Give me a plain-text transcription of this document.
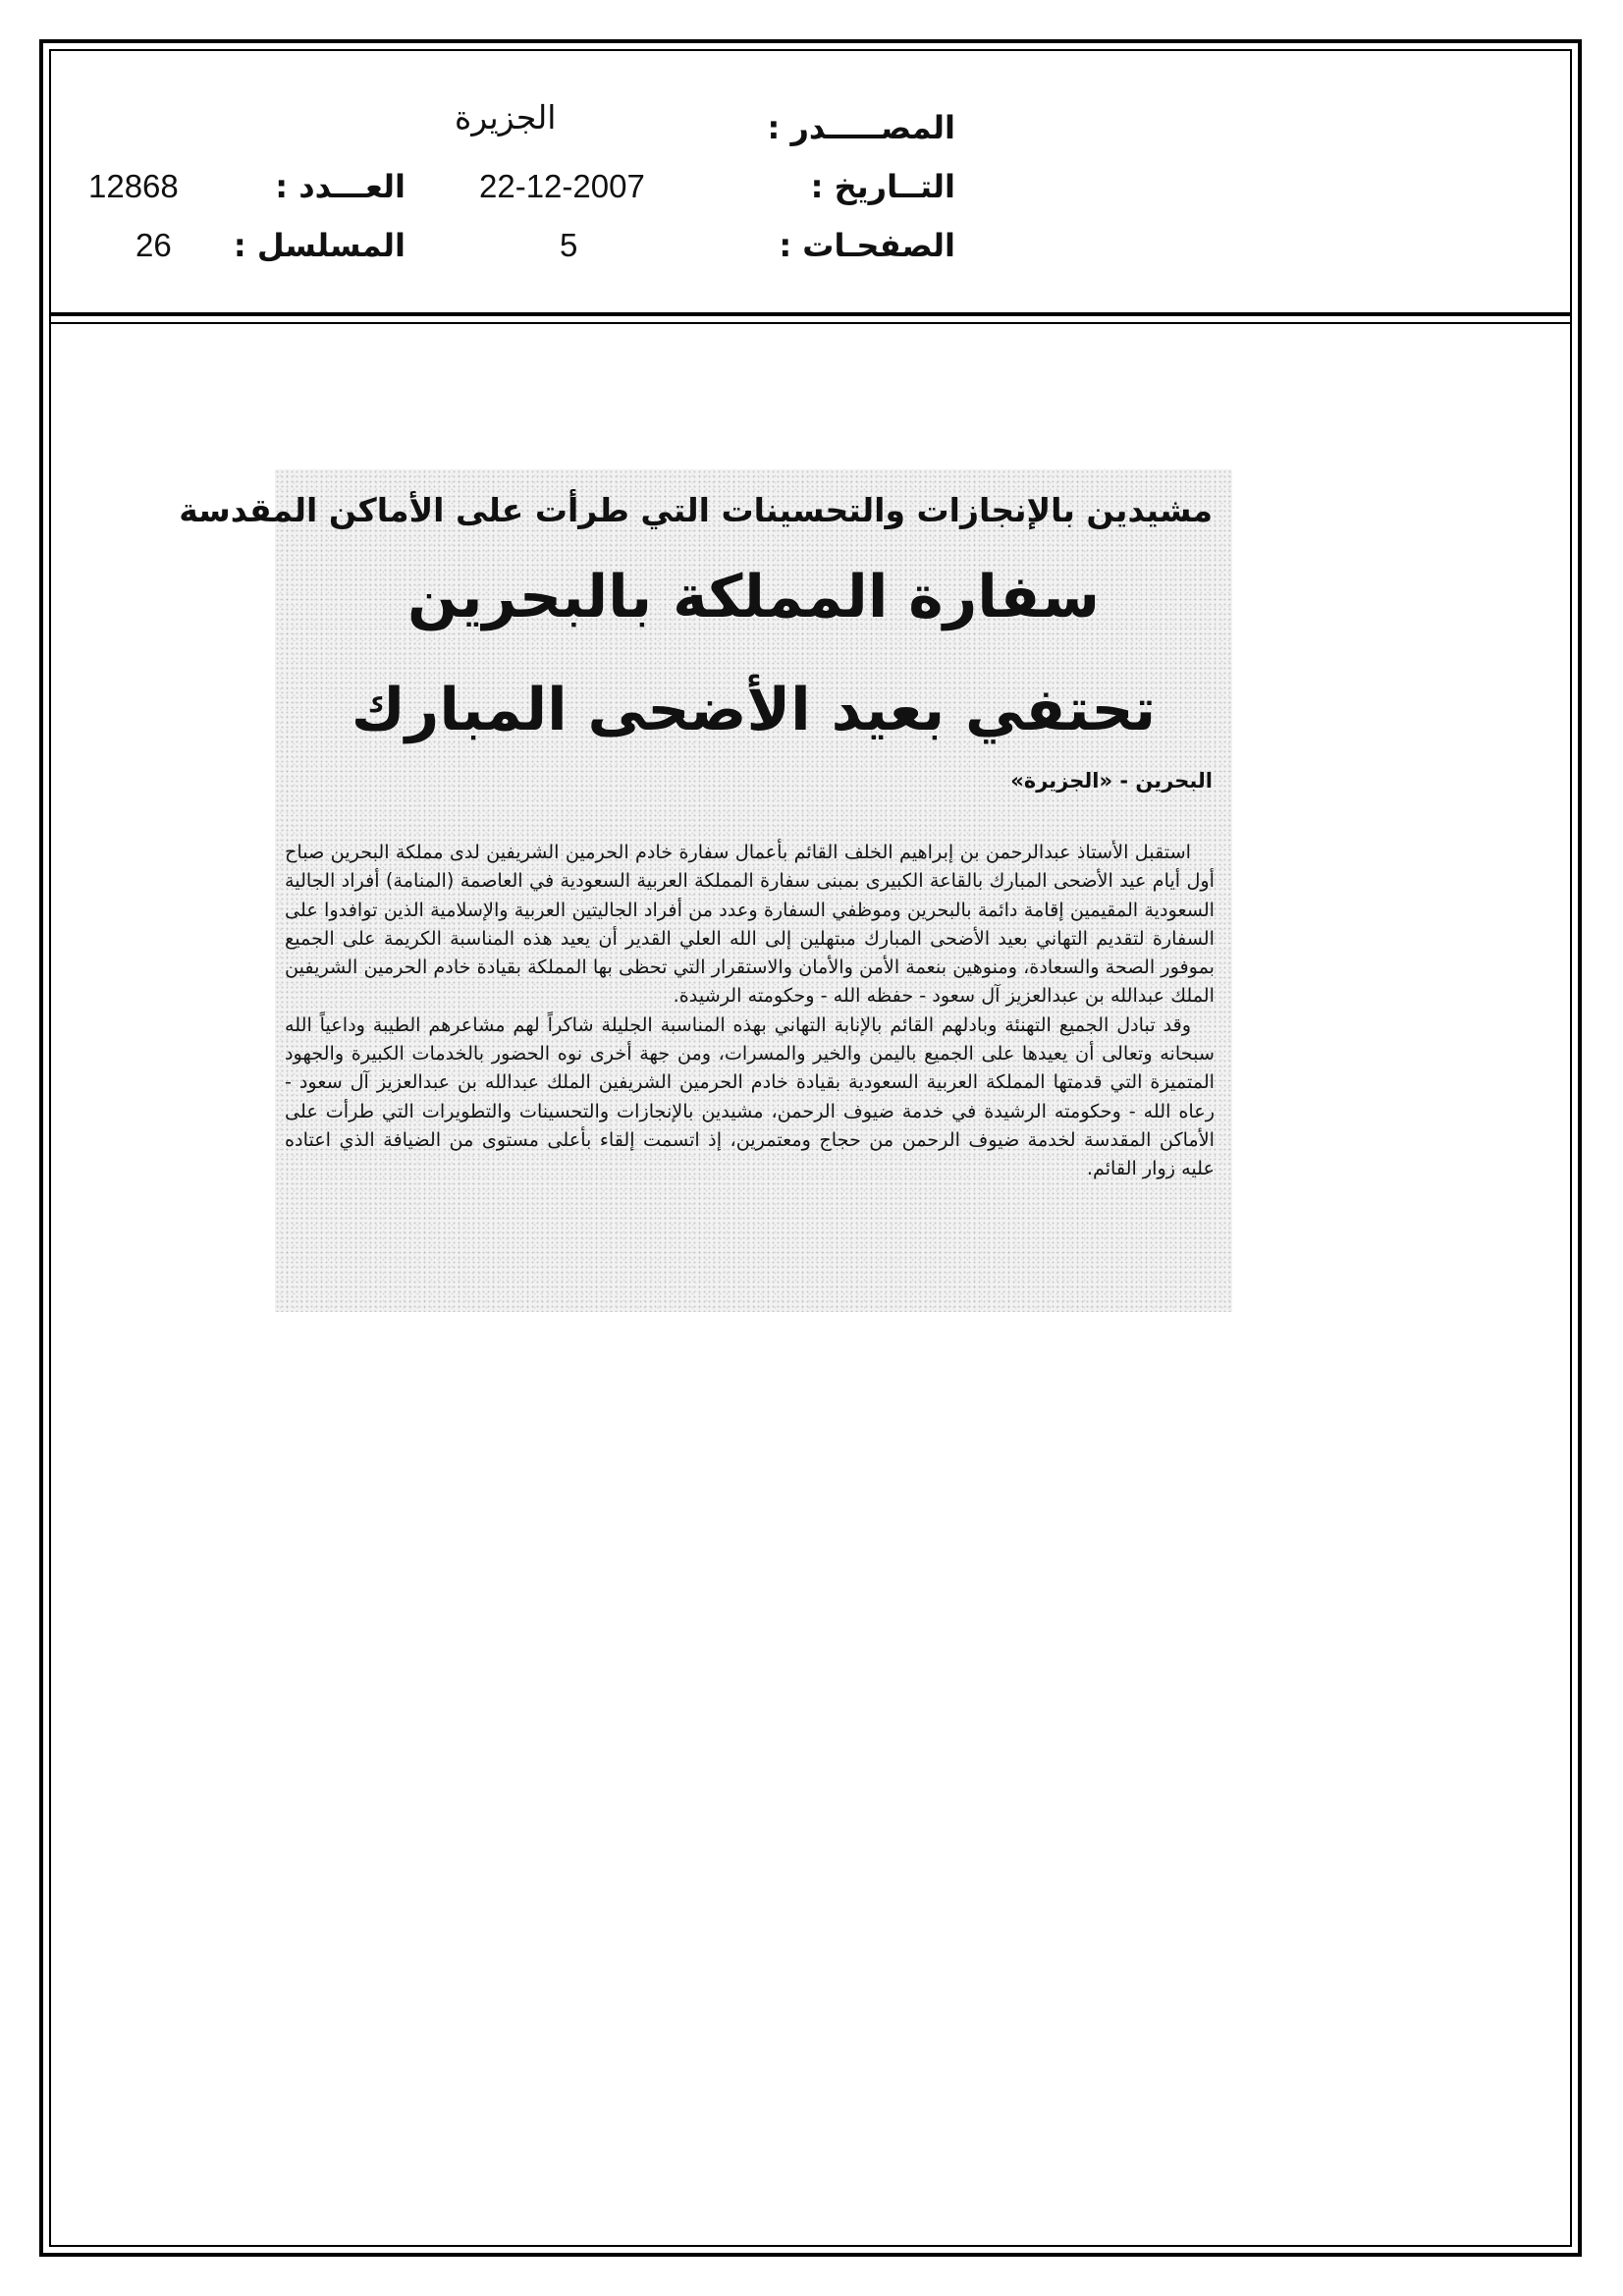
المصـــــدر :
الجزيرة
التــاريخ :
22-12-2007
العـــدد :
12868
الصفحـات :
5
المسلسل :
26
مشيدين بالإنجازات والتحسينات التي طرأت على الأماكن المقدسة
سفارة المملكة بالبحرين
تحتفي بعيد الأضحى المبارك
البحرين - «الجزيرة»

استقبل الأستاذ عبدالرحمن بن إبراهيم الخلف القائم بأعمال سفارة خادم الحرمين الشريفين لدى مملكة البحرين صباح أول أيام عيد الأضحى المبارك بالقاعة الكبيرى بمبنى سفارة المملكة العربية السعودية في العاصمة (المنامة) أفراد الجالية السعودية المقيمين إقامة دائمة بالبحرين وموظفي السفارة وعدد من أفراد الجاليتين العربية والإسلامية الذين توافدوا على السفارة لتقديم التهاني بعيد الأضحى المبارك مبتهلين إلى الله العلي القدير أن يعيد هذه المناسبة الكريمة على الجميع بموفور الصحة والسعادة، ومنوهين بنعمة الأمن والأمان والاستقرار التي تحظى بها المملكة بقيادة خادم الحرمين الشريفين الملك عبدالله بن عبدالعزيز آل سعود - حفظه الله - وحكومته الرشيدة.

وقد تبادل الجميع التهنئة وبادلهم القائم بالإنابة التهاني بهذه المناسبة الجليلة شاكراً لهم مشاعرهم الطيبة وداعياً الله سبحانه وتعالى أن يعيدها على الجميع باليمن والخير والمسرات، ومن جهة أخرى نوه الحضور بالخدمات الكبيرة والجهود المتميزة التي قدمتها المملكة العربية السعودية بقيادة خادم الحرمين الشريفين الملك عبدالله بن عبدالعزيز آل سعود - رعاه الله - وحكومته الرشيدة في خدمة ضيوف الرحمن، مشيدين بالإنجازات والتحسينات والتطويرات التي طرأت على الأماكن المقدسة لخدمة ضيوف الرحمن من حجاج ومعتمرين، إذ اتسمت إلقاء بأعلى مستوى من الضيافة الذي اعتاده عليه زوار القائم.
